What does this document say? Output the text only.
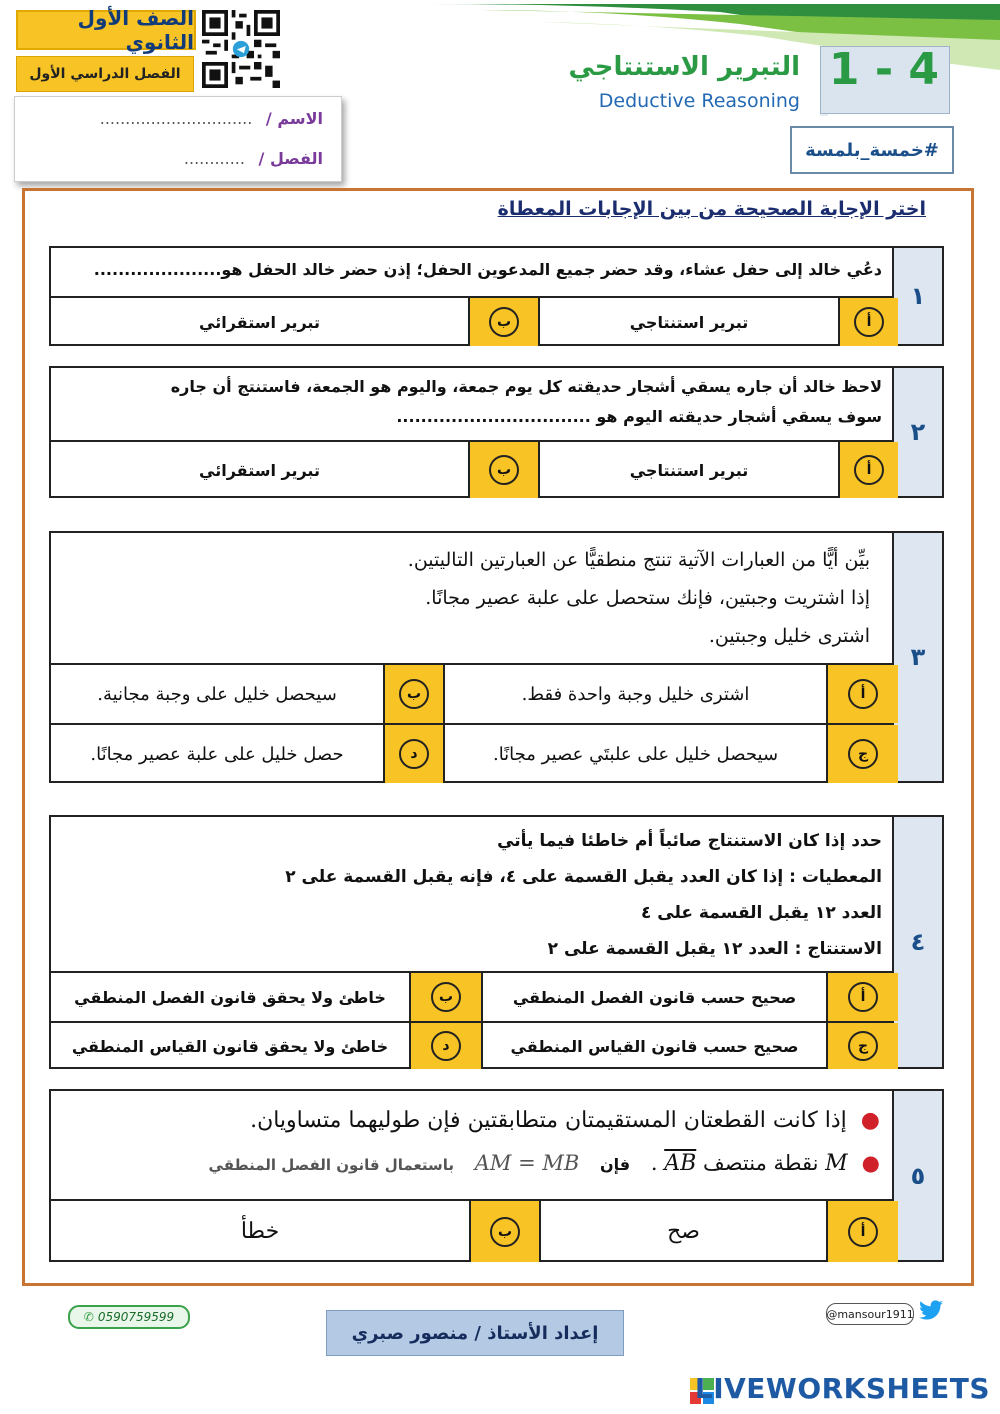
الصف الأول الثانوي
الفصل الدراسي الأول
الاسم / ..............................
الفصل / ............
التبرير الاستنتاجي
Deductive Reasoning
1 - 4
#خمسة_بلمسة
اختر الإجابة الصحيحة من بين الإجابات المعطاة
١
دعُي خالد إلى حفل عشاء، وقد حضر جميع المدعوين الحفل؛ إذن حضر خالد الحفل هو.....................
أ
تبرير استنتاجي
ب
تبرير استقرائي
٢
لاحظ خالد أن جاره يسقي أشجار حديقته كل يوم جمعة، واليوم هو الجمعة، فاستنتج أن جاره
سوف يسقي أشجار حديقته اليوم هو ................................
أ
تبرير استنتاجي
ب
تبرير استقرائي
٣
بيِّن أيًّا من العبارات الآتية تنتج منطقيًّا عن العبارتين التاليتين.
إذا اشتريت وجبتين، فإنك ستحصل على علبة عصير مجانًا.
اشترى خليل وجبتين.
أ
اشترى خليل وجبة واحدة فقط.
ب
سيحصل خليل على وجبة مجانية.
ج
سيحصل خليل على علبتَي عصير مجانًا.
د
حصل خليل على علبة عصير مجانًا.
٤
حدد إذا كان الاستنتاج صائباً أم خاطئا فيما يأتي
المعطيات : إذا كان العدد يقبل القسمة على ٤، فإنه يقبل القسمة على ٢
العدد ١٢ يقبل القسمة على ٤
الاستنتاج : العدد ١٢ يقبل القسمة على ٢
أ
صحيح حسب قانون الفصل المنطقي
ب
خاطئ ولا يحقق قانون الفصل المنطقي
ج
صحيح حسب قانون القياس المنطقي
د
خاطئ ولا يحقق قانون القياس المنطقي
٥
●إذا كانت القطعتان المستقيمتان متطابقتين فإن طوليهما متساويان.
●M نقطة منتصف $\overline{AB}$ . فإن AM = MB باستعمال قانون الفصل المنطقي
أ
صح
ب
خطأ
✆ 0590759599
إعداد الأستاذ / منصور صبري
@mansour1911
LIVEWORKSHEETS
